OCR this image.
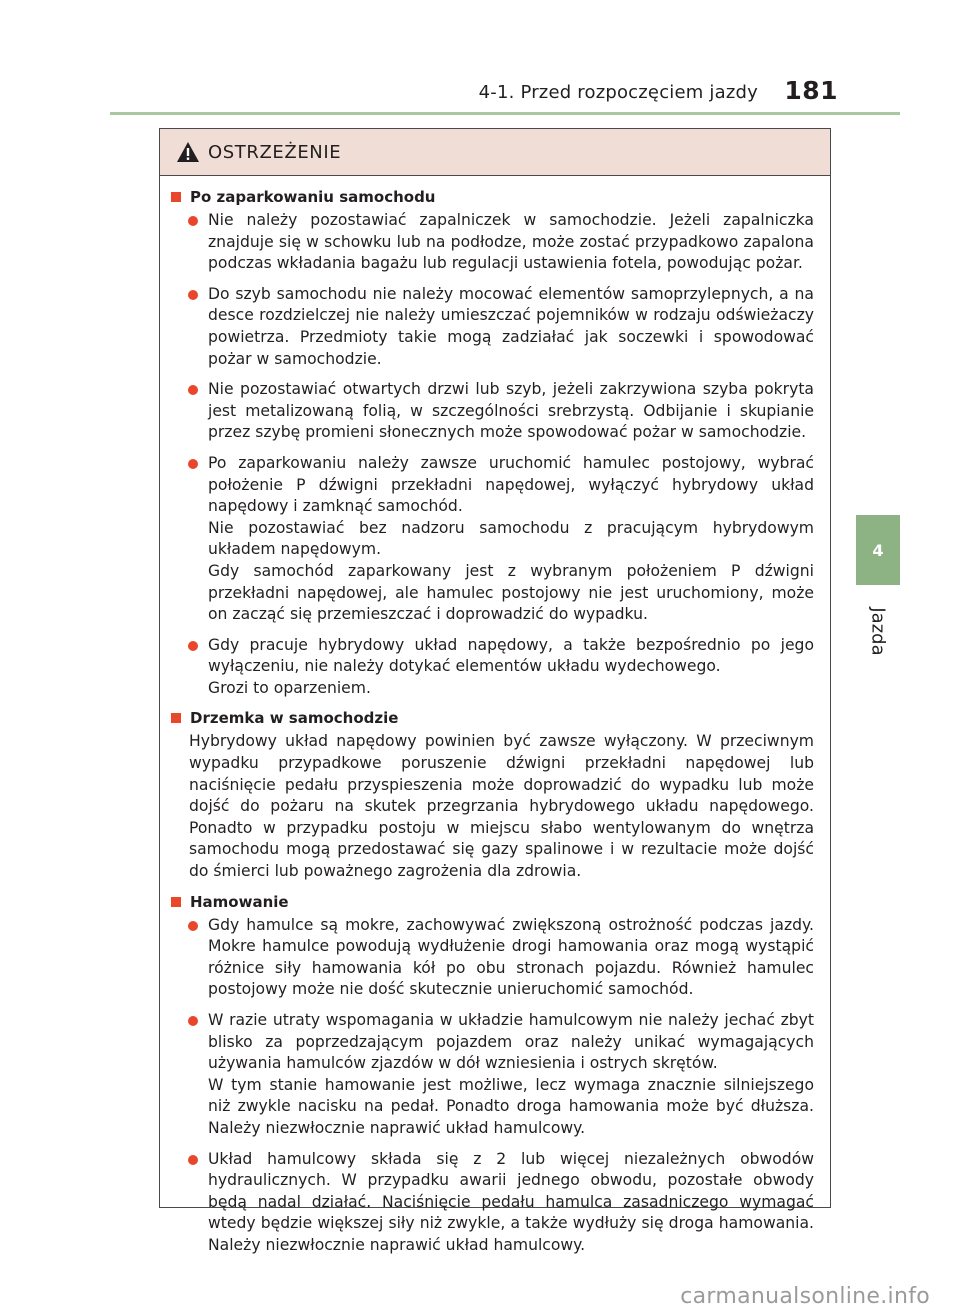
4-1. Przed rozpoczęciem jazdy 181
4
Jazda
OSTRZEŻENIE
Po zaparkowaniu samochodu
Nie należy pozostawiać zapalniczek w samochodzie. Jeżeli zapalniczka znajduje się w schowku lub na podłodze, może zostać przypadkowo zapalona podczas wkładania bagażu lub regulacji ustawienia fotela, powodując pożar.
Do szyb samochodu nie należy mocować elementów samoprzylepnych, a na desce rozdzielczej nie należy umieszczać pojemników w rodzaju odświeżaczy powietrza. Przedmioty takie mogą zadziałać jak soczewki i spowodować pożar w samochodzie.
Nie pozostawiać otwartych drzwi lub szyb, jeżeli zakrzywiona szyba pokryta jest metalizowaną folią, w szczególności srebrzystą. Odbijanie i skupianie przez szybę promieni słonecznych może spowodować pożar w samochodzie.
Po zaparkowaniu należy zawsze uruchomić hamulec postojowy, wybrać położenie P dźwigni przekładni napędowej, wyłączyć hybrydowy układ napędowy i zamknąć samochód.
Nie pozostawiać bez nadzoru samochodu z pracującym hybrydowym układem napędowym.
Gdy samochód zaparkowany jest z wybranym położeniem P dźwigni przekładni napędowej, ale hamulec postojowy nie jest uruchomiony, może on zacząć się przemieszczać i doprowadzić do wypadku.
Gdy pracuje hybrydowy układ napędowy, a także bezpośrednio po jego wyłączeniu, nie należy dotykać elementów układu wydechowego.
Grozi to oparzeniem.
Drzemka w samochodzie
Hybrydowy układ napędowy powinien być zawsze wyłączony. W przeciwnym wypadku przypadkowe poruszenie dźwigni przekładni napędowej lub naciśnięcie pedału przyspieszenia może doprowadzić do wypadku lub może dojść do pożaru na skutek przegrzania hybrydowego układu napędowego. Ponadto w przypadku postoju w miejscu słabo wentylowanym do wnętrza samochodu mogą przedostawać się gazy spalinowe i w rezultacie może dojść do śmierci lub poważnego zagrożenia dla zdrowia.
Hamowanie
Gdy hamulce są mokre, zachowywać zwiększoną ostrożność podczas jazdy. Mokre hamulce powodują wydłużenie drogi hamowania oraz mogą wystąpić różnice siły hamowania kół po obu stronach pojazdu. Również hamulec postojowy może nie dość skutecznie unieruchomić samochód.
W razie utraty wspomagania w układzie hamulcowym nie należy jechać zbyt blisko za poprzedzającym pojazdem oraz należy unikać wymagających używania hamulców zjazdów w dół wzniesienia i ostrych skrętów.
W tym stanie hamowanie jest możliwe, lecz wymaga znacznie silniejszego niż zwykle nacisku na pedał. Ponadto droga hamowania może być dłuższa. Należy niezwłocznie naprawić układ hamulcowy.
Układ hamulcowy składa się z 2 lub więcej niezależnych obwodów hydraulicznych. W przypadku awarii jednego obwodu, pozostałe obwody będą nadal działać. Naciśnięcie pedału hamulca zasadniczego wymagać wtedy będzie większej siły niż zwykle, a także wydłuży się droga hamowania. Należy niezwłocznie naprawić układ hamulcowy.
carmanualsonline.info
